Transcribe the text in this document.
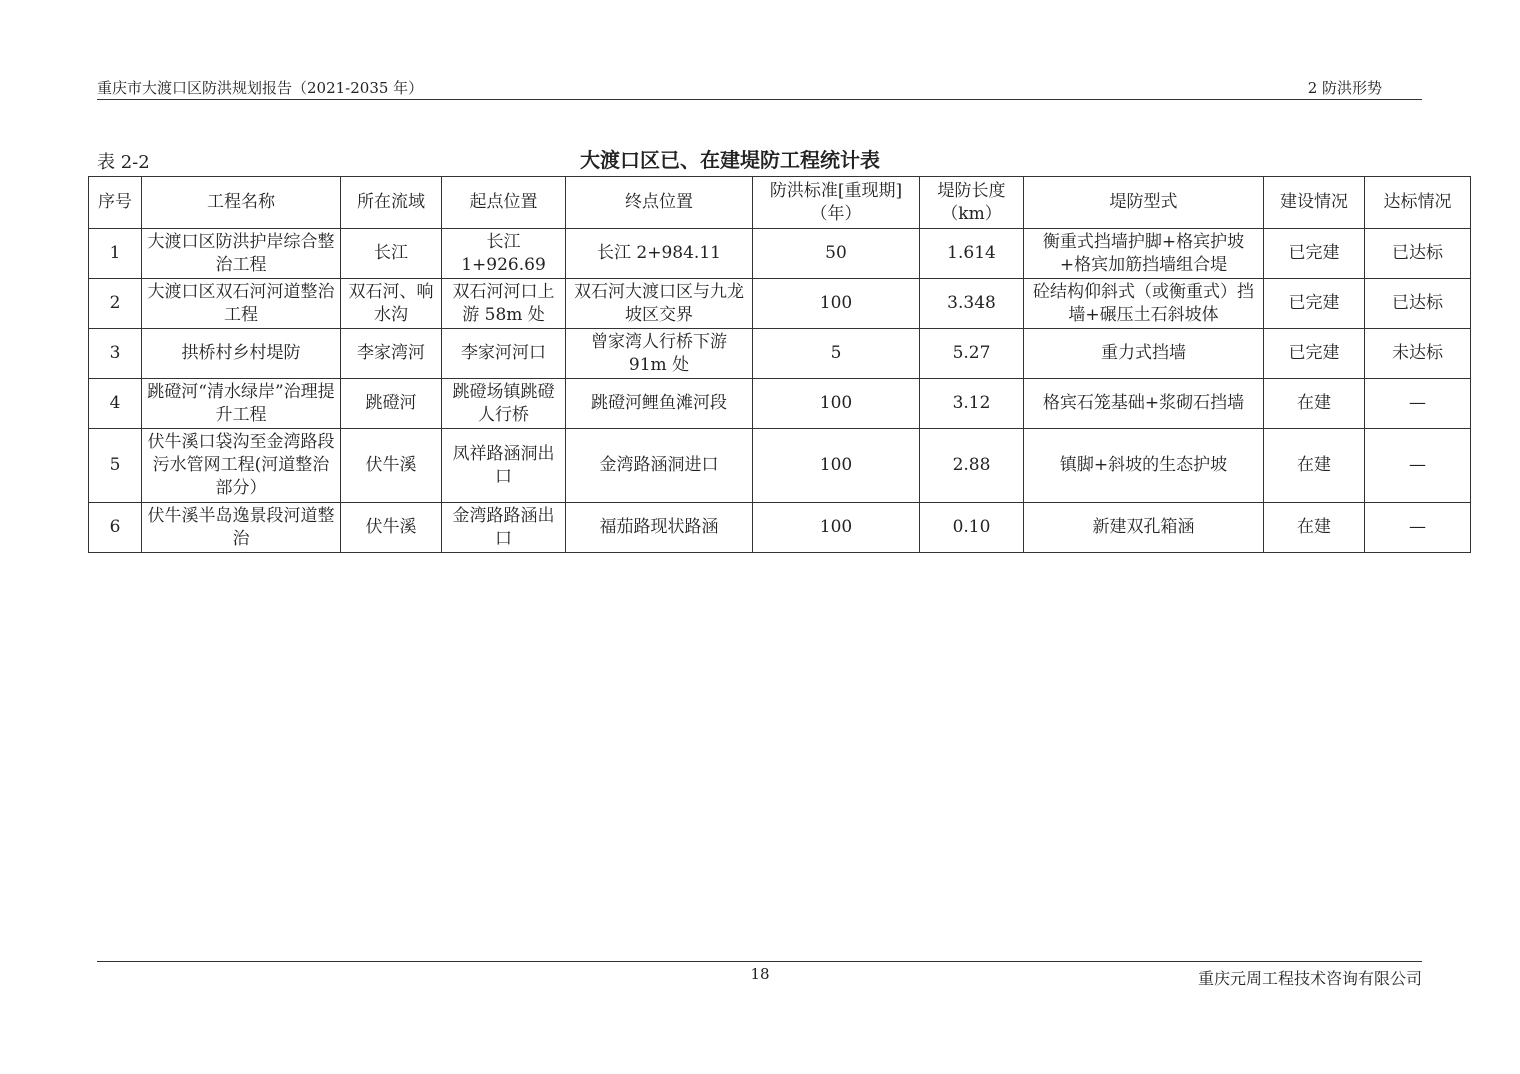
重庆市大渡口区防洪规划报告（2021-2035 年）	2 防洪形势
表 2-2	大渡口区已、在建堤防工程统计表
序号	工程名称	所在流域	起点位置	终点位置	防洪标准[重现期]（年）	堤防长度（km）	堤防型式	建设情况	达标情况
1	大渡口区防洪护岸综合整治工程	长江	长江 1+926.69	长江 2+984.11	50	1.614	衡重式挡墙护脚+格宾护坡+格宾加筋挡墙组合堤	已完建	已达标
2	大渡口区双石河河道整治工程	双石河、响水沟	双石河河口上游 58m 处	双石河大渡口区与九龙坡区交界	100	3.348	砼结构仰斜式（或衡重式）挡墙+碾压土石斜坡体	已完建	已达标
3	拱桥村乡村堤防	李家湾河	李家河河口	曾家湾人行桥下游 91m 处	5	5.27	重力式挡墙	已完建	未达标
4	跳磴河“清水绿岸”治理提升工程	跳磴河	跳磴场镇跳磴人行桥	跳磴河鲤鱼滩河段	100	3.12	格宾石笼基础+浆砌石挡墙	在建	—
5	伏牛溪口袋沟至金湾路段污水管网工程(河道整治部分）	伏牛溪	凤祥路涵洞出口	金湾路涵洞进口	100	2.88	镇脚+斜坡的生态护坡	在建	—
6	伏牛溪半岛逸景段河道整治	伏牛溪	金湾路路涵出口	福茄路现状路涵	100	0.10	新建双孔箱涵	在建	—
18	重庆元周工程技术咨询有限公司
